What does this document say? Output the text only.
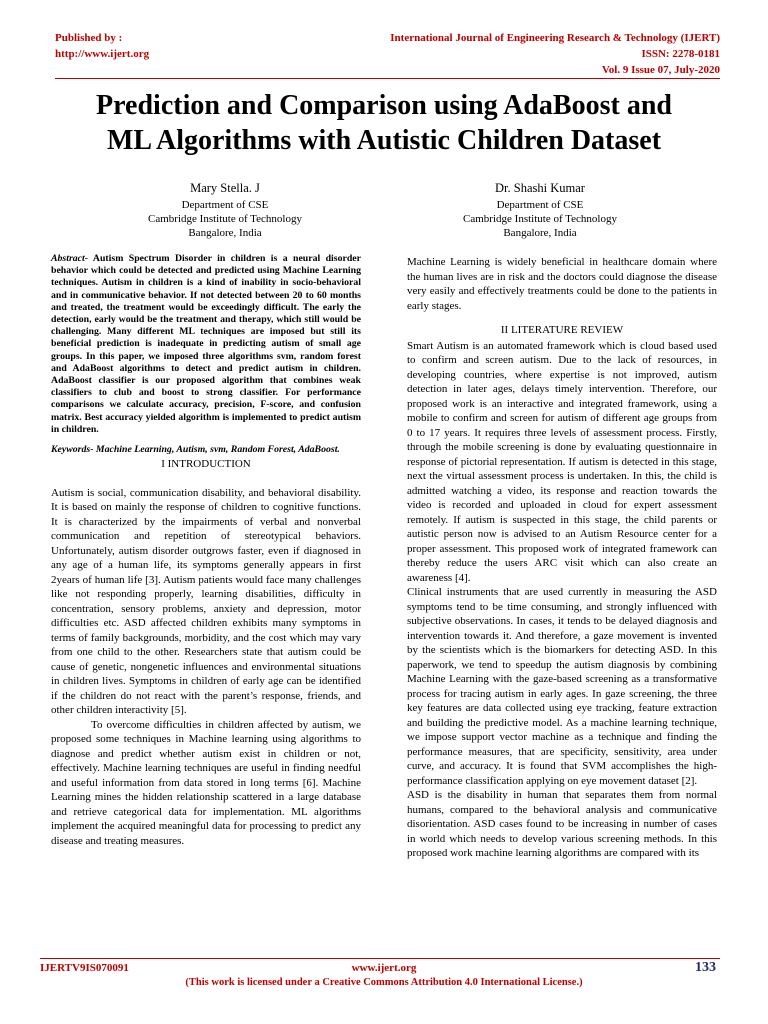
Published by :
http://www.ijert.org
International Journal of Engineering Research & Technology (IJERT)
ISSN: 2278-0181
Vol. 9 Issue 07, July-2020
Prediction and Comparison using AdaBoost and
ML Algorithms with Autistic Children Dataset
Mary Stella. J
Department of CSE
Cambridge Institute of Technology
Bangalore, India
Dr. Shashi Kumar
Department of CSE
Cambridge Institute of Technology
Bangalore, India

Abstract- Autism Spectrum Disorder in children is a neural disorder behavior which could be detected and predicted using Machine Learning techniques. Autism in children is a kind of inability in socio-behavioral and in communicative behavior. If not detected between 20 to 60 months and treated, the treatment would be exceedingly difficult. The early the detection, early would be the treatment and therapy, which still would be challenging. Many different ML techniques are imposed but still its beneficial prediction is inadequate in predicting autism of small age groups. In this paper, we imposed three algorithms svm, random forest and AdaBoost algorithms to detect and predict autism in children. AdaBoost classifier is our proposed algorithm that combines weak classifiers to club and boost to strong classifier. For performance comparisons we calculate accuracy, precision, F-score, and confusion matrix. Best accuracy yielded algorithm is implemented to predict autism in children.

Keywords- Machine Learning, Autism, svm, Random Forest, AdaBoost.

I INTRODUCTION

Autism is social, communication disability, and behavioral disability. It is based on mainly the response of children to cognitive functions. It is characterized by the impairments of verbal and nonverbal communication and repetition of stereotypical behaviors. Unfortunately, autism disorder outgrows faster, even if diagnosed in any age of a human life, its symptoms generally appears in first 2years of human life [3]. Autism patients would face many challenges like not responding properly, learning disabilities, difficulty in concentration, sensory problems, anxiety and depression, motor difficulties etc. ASD affected children exhibits many symptoms in terms of family backgrounds, morbidity, and the cost which may vary from one child to the other. Researchers state that autism could be cause of genetic, nongenetic influences and environmental situations in children lives. Symptoms in children of early age can be identified if the children do not react with the parent’s response, friends, and other children interactivity [5].

To overcome difficulties in children affected by autism, we proposed some techniques in Machine learning using algorithms to diagnose and predict whether autism exist in children or not, effectively. Machine learning techniques are useful in finding needful and useful information from data stored in long terms [6]. Machine Learning mines the hidden relationship scattered in a large database and retrieve categorical data for implementation. ML algorithms implement the acquired meaningful data for processing to predict any disease and treating measures.

Machine Learning is widely beneficial in healthcare domain where the human lives are in risk and the doctors could diagnose the disease very easily and effectively treatments could be done to the patients in early stages.

II LITERATURE REVIEW

Smart Autism is an automated framework which is cloud based used to confirm and screen autism. Due to the lack of resources, in developing countries, where expertise is not improved, autism detection in later ages, delays timely intervention. Therefore, our proposed work is an interactive and integrated framework, using a mobile to confirm and screen for autism of different age groups from 0 to 17 years. It requires three levels of assessment process. Firstly, through the mobile screening is done by evaluating questionnaire in response of pictorial representation. If autism is detected in this stage, next the virtual assessment process is undertaken. In this, the child is admitted watching a video, its response and reaction towards the video is recorded and uploaded in cloud for expert assessment remotely. If autism is suspected in this stage, the child parents or autistic person now is advised to an Autism Resource center for a proper assessment. This proposed work of integrated framework can thereby reduce the users ARC visit which can also create an awareness [4].

Clinical instruments that are used currently in measuring the ASD symptoms tend to be time consuming, and strongly influenced with subjective observations. In cases, it tends to be delayed diagnosis and intervention towards it. And therefore, a gaze movement is invented by the scientists which is the biomarkers for detecting ASD. In this paperwork, we tend to speedup the autism diagnosis by combining Machine Learning with the gaze-based screening as a transformative process for tracing autism in early ages. In gaze screening, the three key features are data collected using eye tracking, feature extraction and building the predictive model. As a machine learning technique, we impose support vector machine as a technique and finding the performance measures, that are specificity, sensitivity, area under curve, and accuracy. It is found that SVM accomplishes the high-performance classification applying on eye movement dataset [2].

ASD is the disability in human that separates them from normal humans, compared to the behavioral analysis and communicative disorientation. ASD cases found to be increasing in number of cases in world which needs to develop various screening methods. In this proposed work machine learning algorithms are compared with its

IJERTV9IS070091	www.ijert.org	133
(This work is licensed under a Creative Commons Attribution 4.0 International License.)
